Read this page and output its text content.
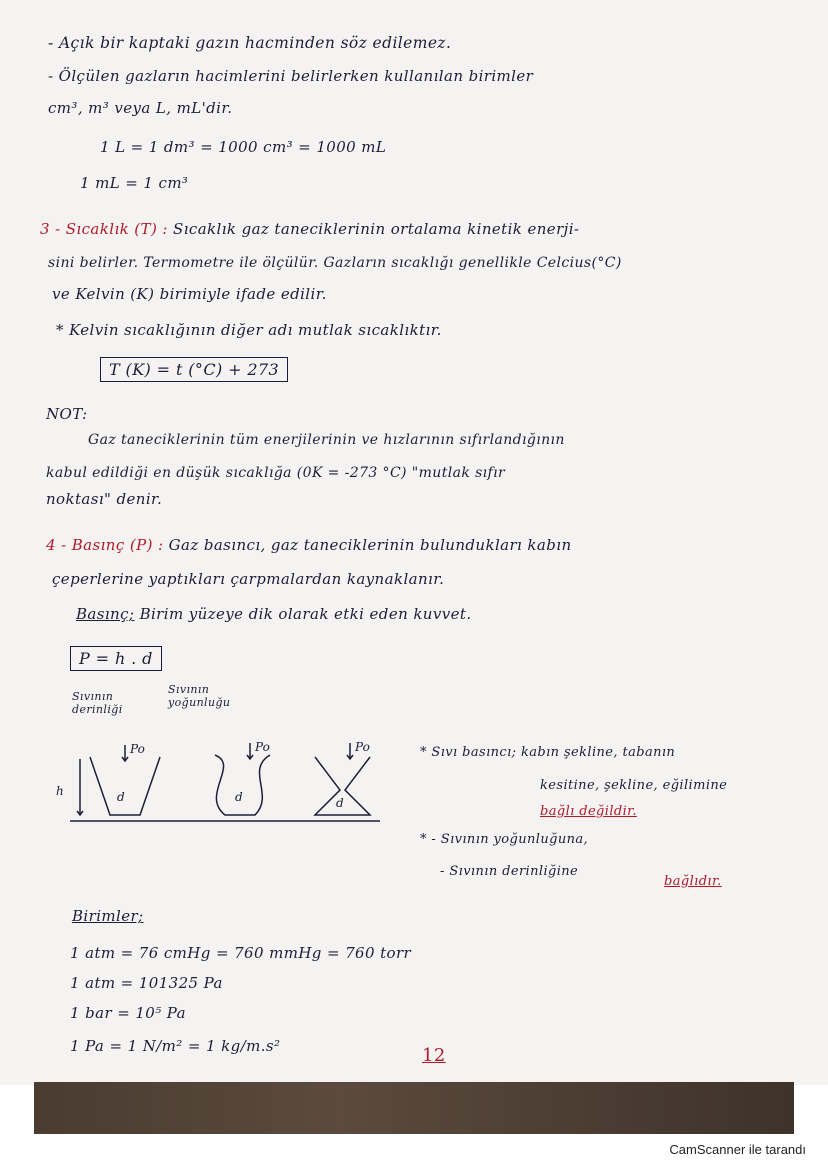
- Açık bir kaptaki gazın hacminden söz edilemez.
- Ölçülen gazların hacimlerini belirlerken kullanılan birimler
cm³, m³ veya L, mL'dir.
1 L = 1 dm³ = 1000 cm³ = 1000 mL
1 mL = 1 cm³
3 - Sıcaklık (T) : Sıcaklık gaz taneciklerinin ortalama kinetik enerji-
sini belirler. Termometre ile ölçülür. Gazların sıcaklığı genellikle Celcius(°C)
ve Kelvin (K) birimiyle ifade edilir.
* Kelvin sıcaklığının diğer adı mutlak sıcaklıktır.
T (K) = t (°C) + 273
NOT:
Gaz taneciklerinin tüm enerjilerinin ve hızlarının sıfırlandığının
kabul edildiği en düşük sıcaklığa (0K = -273 °C) "mutlak sıfır
noktası" denir.
4 - Basınç (P) : Gaz basıncı, gaz taneciklerinin bulundukları kabın
çeperlerine yaptıkları çarpmalardan kaynaklanır.
Basınç; Birim yüzeye dik olarak etki eden kuvvet.
P = h . d
Sıvının derinliği
Sıvının yoğunluğu
Po
h	d
Po
d
Po
d
* Sıvı basıncı; kabın şekline, tabanın
kesitine, şekline, eğilimine
bağlı değildir.
* - Sıvının yoğunluğuna,
- Sıvının derinliğine
bağlıdır.
Birimler;
1 atm = 76 cmHg = 760 mmHg = 760 torr
1 atm = 101325 Pa
1 bar = 10⁵ Pa
1 Pa = 1 N/m² = 1 kg/m.s²	12
CamScanner ile tarandı
